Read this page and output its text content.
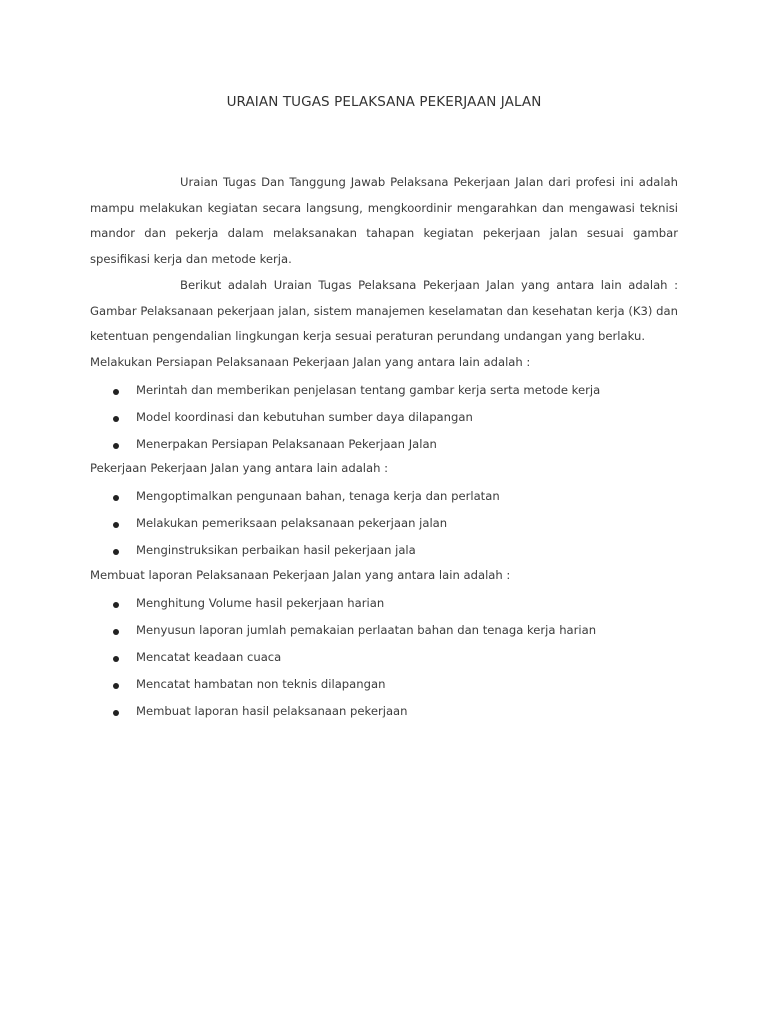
URAIAN TUGAS PELAKSANA PEKERJAAN JALAN

Uraian Tugas Dan Tanggung Jawab Pelaksana Pekerjaan Jalan dari profesi ini adalah mampu melakukan kegiatan secara langsung, mengkoordinir mengarahkan dan mengawasi teknisi mandor dan pekerja dalam melaksanakan tahapan kegiatan pekerjaan jalan sesuai gambar spesifikasi kerja dan metode kerja.

Berikut adalah Uraian Tugas Pelaksana Pekerjaan Jalan yang antara lain adalah : Gambar Pelaksanaan pekerjaan jalan, sistem manajemen keselamatan dan kesehatan kerja (K3) dan ketentuan pengendalian lingkungan kerja sesuai peraturan perundang undangan yang berlaku.

Melakukan Persiapan Pelaksanaan Pekerjaan Jalan yang antara lain adalah :
Merintah dan memberikan penjelasan tentang gambar kerja serta metode kerja
Model koordinasi dan kebutuhan sumber daya dilapangan
Menerpakan Persiapan Pelaksanaan Pekerjaan Jalan
Pekerjaan Pekerjaan Jalan yang antara lain adalah :
Mengoptimalkan pengunaan bahan, tenaga kerja dan perlatan
Melakukan pemeriksaan pelaksanaan pekerjaan jalan
Menginstruksikan perbaikan hasil pekerjaan jala
Membuat laporan Pelaksanaan Pekerjaan Jalan yang antara lain adalah :
Menghitung Volume hasil pekerjaan harian
Menyusun laporan jumlah pemakaian perlaatan bahan dan tenaga kerja harian
Mencatat keadaan cuaca
Mencatat hambatan non teknis dilapangan
Membuat laporan hasil pelaksanaan pekerjaan
